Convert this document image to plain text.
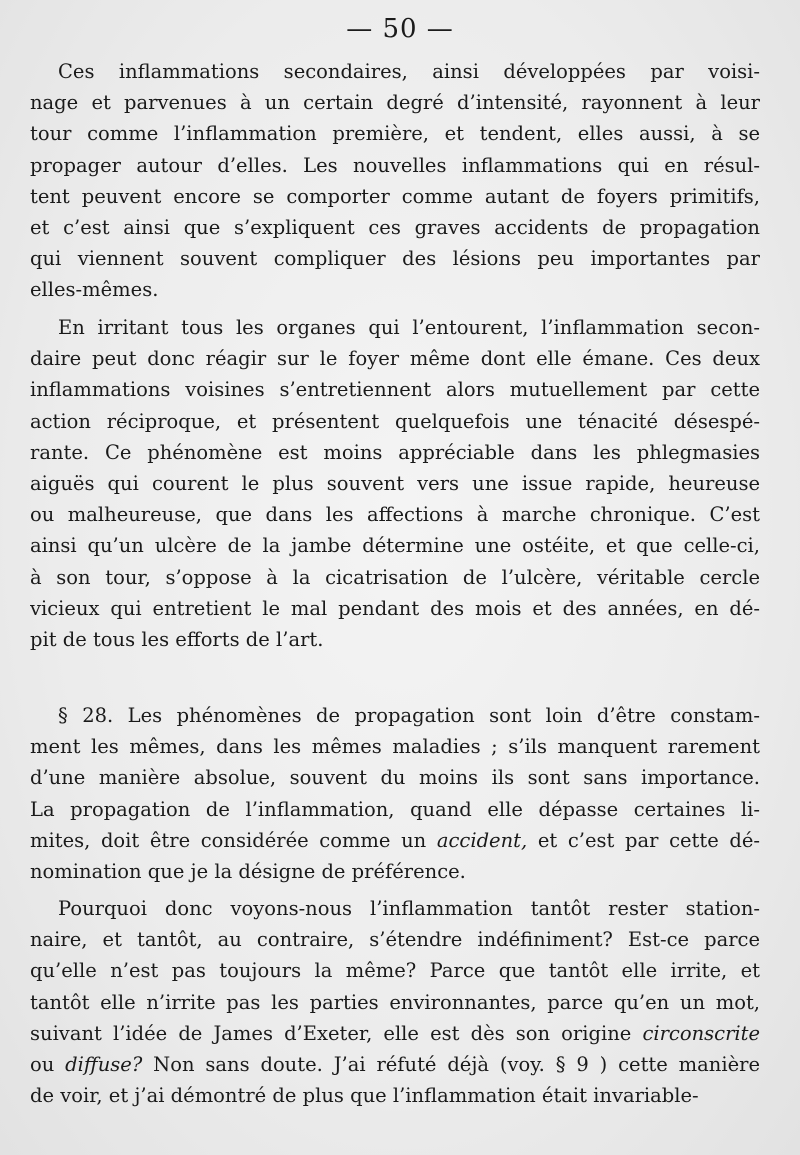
— 50 —
Ces inflammations secondaires, ainsi développées par voisi-
nage et parvenues à un certain degré d’intensité, rayonnent à leur
tour comme l’inflammation première, et tendent, elles aussi, à se
propager autour d’elles. Les nouvelles inflammations qui en résul-
tent peuvent encore se comporter comme autant de foyers primitifs,
et c’est ainsi que s’expliquent ces graves accidents de propagation
qui viennent souvent compliquer des lésions peu importantes par
elles-mêmes.
En irritant tous les organes qui l’entourent, l’inflammation secon-
daire peut donc réagir sur le foyer même dont elle émane. Ces deux
inflammations voisines s’entretiennent alors mutuellement par cette
action réciproque, et présentent quelquefois une ténacité désespé-
rante. Ce phénomène est moins appréciable dans les phlegmasies
aiguës qui courent le plus souvent vers une issue rapide, heureuse
ou malheureuse, que dans les affections à marche chronique. C’est
ainsi qu’un ulcère de la jambe détermine une ostéite, et que celle-ci,
à son tour, s’oppose à la cicatrisation de l’ulcère, véritable cercle
vicieux qui entretient le mal pendant des mois et des années, en dé-
pit de tous les efforts de l’art.
§ 28. Les phénomènes de propagation sont loin d’être constam-
ment les mêmes, dans les mêmes maladies ; s’ils manquent rarement
d’une manière absolue, souvent du moins ils sont sans importance.
La propagation de l’inflammation, quand elle dépasse certaines li-
mites, doit être considérée comme un accident, et c’est par cette dé-
nomination que je la désigne de préférence.
Pourquoi donc voyons-nous l’inflammation tantôt rester station-
naire, et tantôt, au contraire, s’étendre indéfiniment? Est-ce parce
qu’elle n’est pas toujours la même? Parce que tantôt elle irrite, et
tantôt elle n’irrite pas les parties environnantes, parce qu’en un mot,
suivant l’idée de James d’Exeter, elle est dès son origine circonscrite
ou diffuse? Non sans doute. J’ai réfuté déjà (voy. § 9 ) cette manière
de voir, et j’ai démontré de plus que l’inflammation était invariable-
